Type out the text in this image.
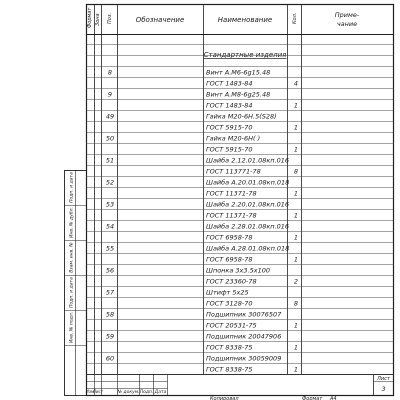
Формат Зона Поз.	Обозначение	Наименование	Кол.	Приме-
чание
Стандартные изделия
8	Винт А.М6-6g15.48
ГОСТ 1483-84	4
9	Винт А.М8-6g25.48
ГОСТ 1483-84	1
49	Гайка М20-6Н.5(S28)
ГОСТ 5915-70	1
50	Гайка М20-6Н( )
ГОСТ 5915-70	1
51	Шайба 2.12.01.08кп.016
ГОСТ 113771-78	8
52	Шайба А.20.01.08кп.018
ГОСТ 11371-78	1
53	Шайба 2.20.01.08кп.016
ГОСТ 11371-78	1
54	Шайба 2.28.01.08кп.016
ГОСТ 6958-78	1
55	Шайба А.28.01.08кп.018
ГОСТ 6958-78	1
56	Шпонка 3х3.5х100
ГОСТ 23360-78	2
57	Штифт 5х25
ГОСТ 3128-70	8
58	Подшипник 30076507
ГОСТ 20531-75	1
59	Подшипник 20047906
ГОСТ 8338-75	1
60	Подшипник 30059009
ГОСТ 8338-75	1
Подп. и дата
Инв. № дубл.
Взам. инв. №
Подп. и дата
Инв. № подл.
Изм.
Лист	№ докум. Подп. Дата
Лист
3
Копировал	Формат А4
